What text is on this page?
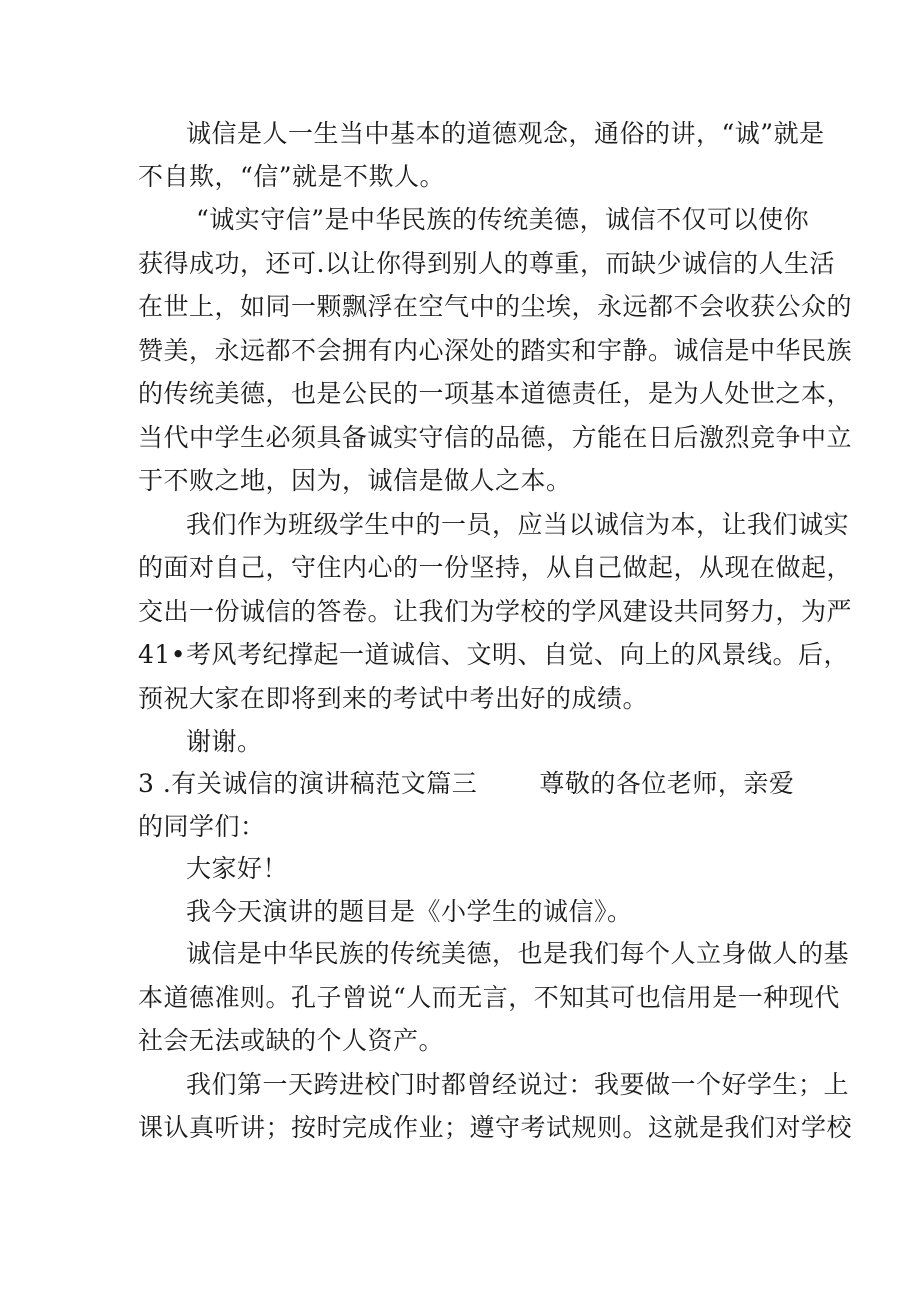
诚信是人一生当中基本的道德观念，通俗的讲，“诚”就是
不自欺，“信”就是不欺人。
“诚实守信”是中华民族的传统美德，诚信不仅可以使你
获得成功，还可.以让你得到别人的尊重，而缺少诚信的人生活
在世上，如同一颗飘浮在空气中的尘埃，永远都不会收获公众的
赞美，永远都不会拥有内心深处的踏实和宇静。诚信是中华民族
的传统美德，也是公民的一项基本道德责任，是为人处世之本，
当代中学生必须具备诚实守信的品德，方能在日后激烈竞争中立
于不败之地，因为，诚信是做人之本。
我们作为班级学生中的一员，应当以诚信为本，让我们诚实
的面对自己，守住内心的一份坚持，从自己做起，从现在做起，
交出一份诚信的答卷。让我们为学校的学风建设共同努力，为严
41•考风考纪撑起一道诚信、文明、自觉、向上的风景线。后，
预祝大家在即将到来的考试中考出好的成绩。
谢谢。
3 .有关诚信的演讲稿范文篇三 尊敬的各位老师，亲爱
的同学们：
大家好！
我今天演讲的题目是《小学生的诚信》。
诚信是中华民族的传统美德，也是我们每个人立身做人的基
本道德准则。孔子曾说“人而无言，不知其可也信用是一种现代
社会无法或缺的个人资产。
我们第一天跨进校门时都曾经说过：我要做一个好学生；上
课认真听讲；按时完成作业；遵守考试规则。这就是我们对学校
